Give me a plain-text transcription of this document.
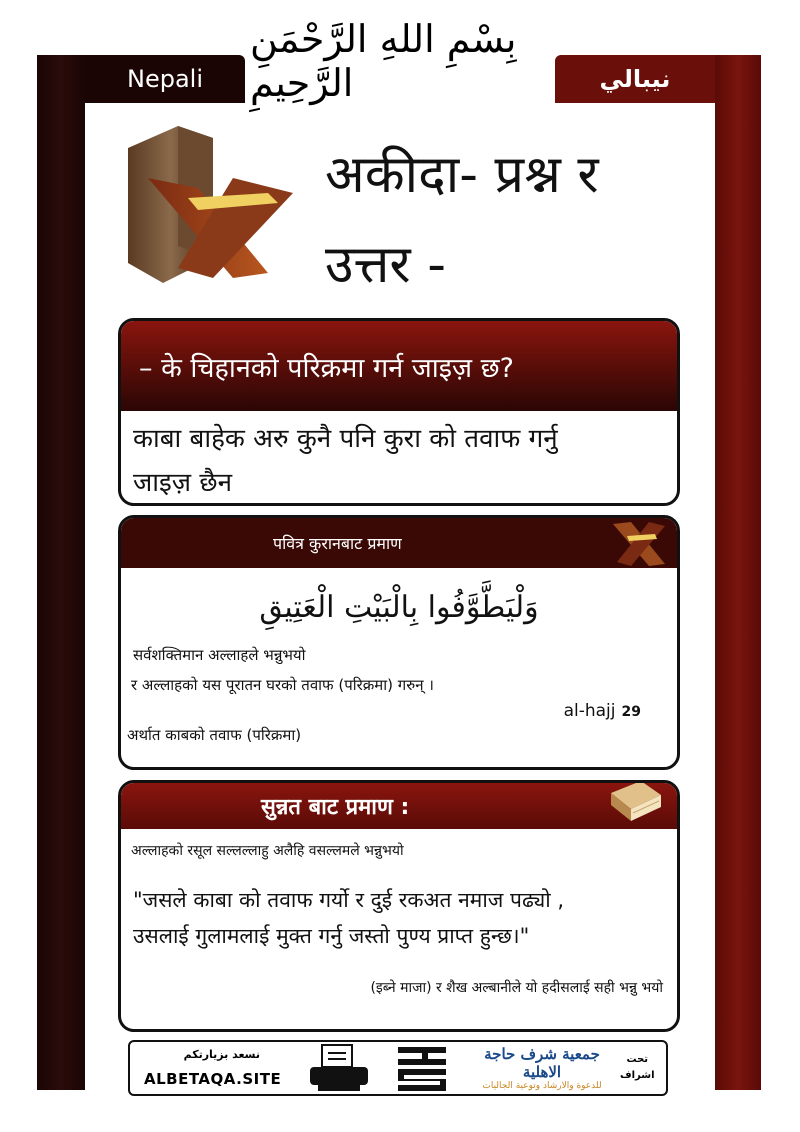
Nepali	نيبالي
بِسْمِ اللهِ الرَّحْمَنِ الرَّحِيمِ
अकीदा- प्रश्न र
उत्तर -
– के चिहानको परिक्रमा गर्न जाइज़ छ?
काबा बाहेक अरु कुनै पनि कुरा को तवाफ गर्नु
जाइज़ छैन
पवित्र कुरानबाट प्रमाण
وَلْيَطَّوَّفُوا بِالْبَيْتِ الْعَتِيقِ
सर्वशक्तिमान अल्लाहले भन्नुभयो
र अल्लाहको यस पूरातन घरको तवाफ (परिक्रमा) गरुन् ।
al-hajj 29
अर्थात काबको तवाफ (परिक्रमा)
सुन्नत बाट प्रमाण :
अल्लाहको रसूल सल्लल्लाहु अलैहि वसल्लमले भन्नुभयो
"जसले काबा को तवाफ गर्यो र दुई रकअत नमाज पढ्यो ,
उसलाई गुलामलाई मुक्त गर्नु जस्तो पुण्य प्राप्त हुन्छ।"
(इब्ने माजा) र शैख अल्बानीले यो हदीसलाई सही भन्नु भयो
نسعد بزيارتكم
ALBETAQA.SITE
جمعية شرف حاجة الاهلية
للدعوة والارشاد وتوعية الجاليات
تحت
اشراف
